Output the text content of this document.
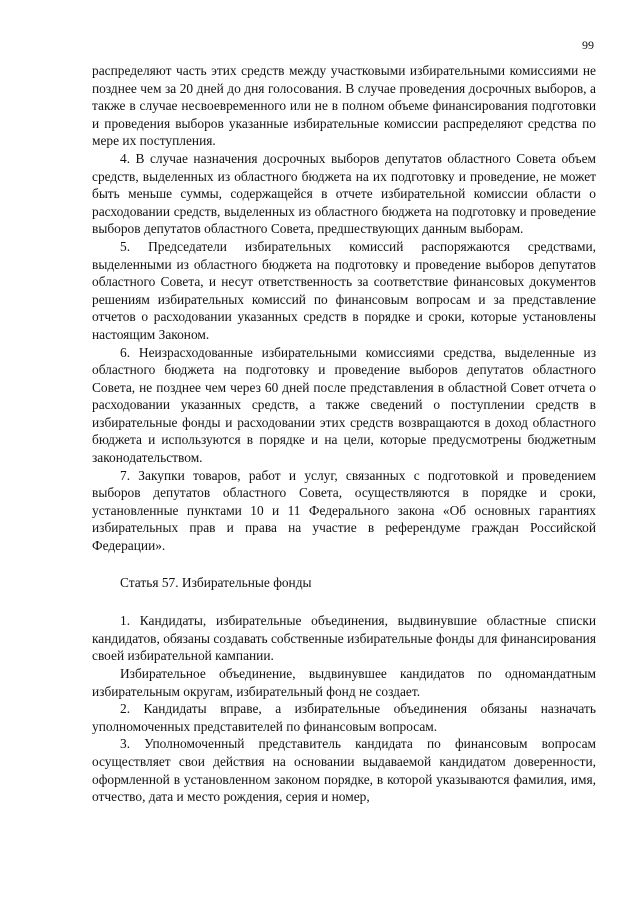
99

распределяют часть этих средств между участковыми избирательными комиссиями не позднее чем за 20 дней до дня голосования. В случае проведения досрочных выборов, а также в случае несвоевременного или не в полном объеме финансирования подготовки и проведения выборов указанные избирательные комиссии распределяют средства по мере их поступления.

4. В случае назначения досрочных выборов депутатов областного Совета объем средств, выделенных из областного бюджета на их подготовку и проведение, не может быть меньше суммы, содержащейся в отчете избирательной комиссии области о расходовании средств, выделенных из областного бюджета на подготовку и проведение выборов депутатов областного Совета, предшествующих данным выборам.

5. Председатели избирательных комиссий распоряжаются средствами, выделенными из областного бюджета на подготовку и проведение выборов депутатов областного Совета, и несут ответственность за соответствие финансовых документов решениям избирательных комиссий по финансовым вопросам и за представление отчетов о расходовании указанных средств в порядке и сроки, которые установлены настоящим Законом.

6. Неизрасходованные избирательными комиссиями средства, выделенные из областного бюджета на подготовку и проведение выборов депутатов областного Совета, не позднее чем через 60 дней после представления в областной Совет отчета о расходовании указанных средств, а также сведений о поступлении средств в избирательные фонды и расходовании этих средств возвращаются в доход областного бюджета и используются в порядке и на цели, которые предусмотрены бюджетным законодательством.

7. Закупки товаров, работ и услуг, связанных с подготовкой и проведением выборов депутатов областного Совета, осуществляются в порядке и сроки, установленные пунктами 10 и 11 Федерального закона «Об основных гарантиях избирательных прав и права на участие в референдуме граждан Российской Федерации».

Статья 57. Избирательные фонды

1. Кандидаты, избирательные объединения, выдвинувшие областные списки кандидатов, обязаны создавать собственные избирательные фонды для финансирования своей избирательной кампании.

Избирательное объединение, выдвинувшее кандидатов по одномандатным избирательным округам, избирательный фонд не создает.

2. Кандидаты вправе, а избирательные объединения обязаны назначать уполномоченных представителей по финансовым вопросам.

3. Уполномоченный представитель кандидата по финансовым вопросам осуществляет свои действия на основании выдаваемой кандидатом доверенности, оформленной в установленном законом порядке, в которой указываются фамилия, имя, отчество, дата и место рождения, серия и номер,
